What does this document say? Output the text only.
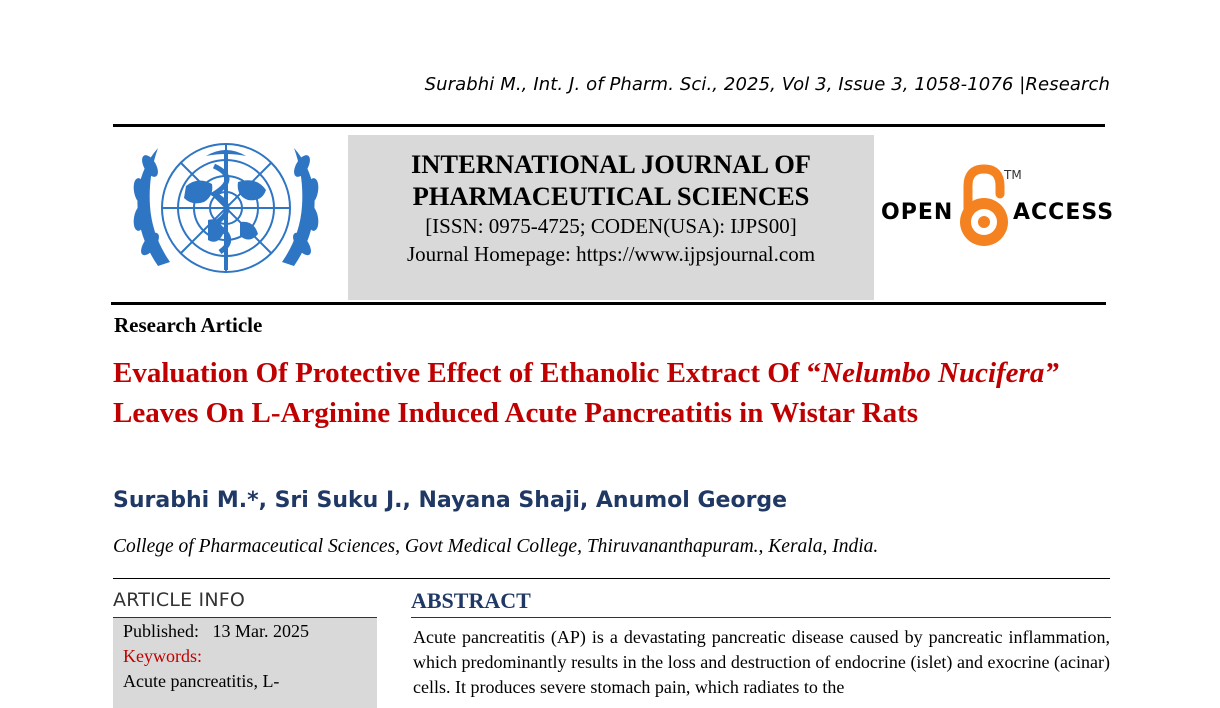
Surabhi M., Int. J. of Pharm. Sci., 2025, Vol 3, Issue 3, 1058-1076 |Research
INTERNATIONAL JOURNAL OF
PHARMACEUTICAL SCIENCES
[ISSN: 0975-4725; CODEN(USA): IJPS00]
Journal Homepage: https://www.ijpsjournal.com
OPEN
TM
ACCESS
Research Article
Evaluation Of Protective Effect of Ethanolic Extract Of “Nelumbo Nucifera” Leaves On L-Arginine Induced Acute Pancreatitis in Wistar Rats
Surabhi M.*, Sri Suku J., Nayana Shaji, Anumol George
College of Pharmaceutical Sciences, Govt Medical College, Thiruvananthapuram., Kerala, India.
ARTICLE INFO
Published: 13 Mar. 2025
Keywords:
Acute pancreatitis, L-
ABSTRACT
Acute pancreatitis (AP) is a devastating pancreatic disease caused by pancreatic inflammation, which predominantly results in the loss and destruction of endocrine (islet) and exocrine (acinar) cells. It produces severe stomach pain, which radiates to the
